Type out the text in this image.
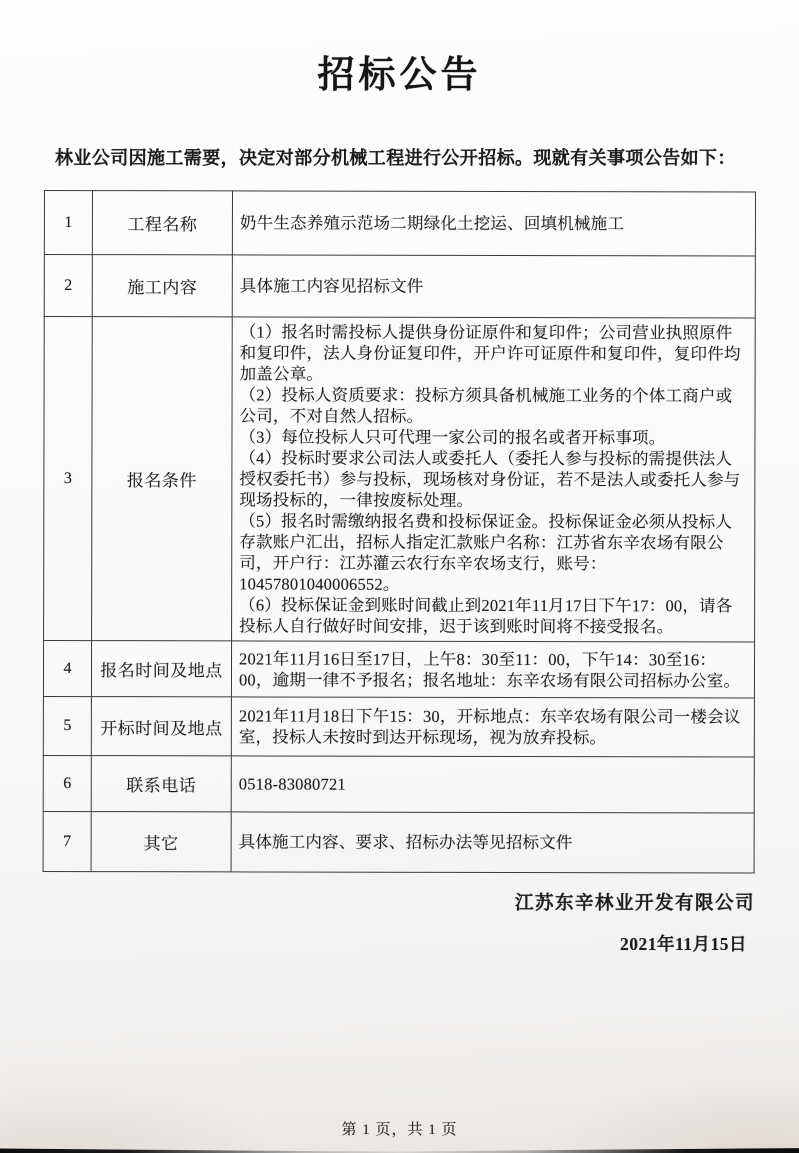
招标公告

林业公司因施工需要，决定对部分机械工程进行公开招标。现就有关事项公告如下：

1	工程名称	奶牛生态养殖示范场二期绿化土挖运、回填机械施工
2	施工内容	具体施工内容见招标文件
3	报名条件	（1）报名时需投标人提供身份证原件和复印件；公司营业执照原件和复印件，法人身份证复印件，开户许可证原件和复印件，复印件均加盖公章。
（2）投标人资质要求：投标方须具备机械施工业务的个体工商户或公司，不对自然人招标。
（3）每位投标人只可代理一家公司的报名或者开标事项。
（4）投标时要求公司法人或委托人（委托人参与投标的需提供法人授权委托书）参与投标，现场核对身份证，若不是法人或委托人参与现场投标的，一律按废标处理。
（5）报名时需缴纳报名费和投标保证金。投标保证金必须从投标人存款账户汇出，招标人指定汇款账户名称：江苏省东辛农场有限公司，开户行：江苏灌云农行东辛农场支行，账号：10457801040006552。
（6）投标保证金到账时间截止到2021年11月17日下午17：00，请各投标人自行做好时间安排，迟于该到账时间将不接受报名。
4	报名时间及地点	2021年11月16日至17日，上午8：30至11：00，下午14：30至16：00，逾期一律不予报名；报名地址：东辛农场有限公司招标办公室。
5	开标时间及地点	2021年11月18日下午15：30，开标地点：东辛农场有限公司一楼会议室，投标人未按时到达开标现场，视为放弃投标。
6	联系电话	0518-83080721
7	其它	具体施工内容、要求、招标办法等见招标文件
江苏东辛林业开发有限公司
2021年11月15日
第 1 页，共 1 页
